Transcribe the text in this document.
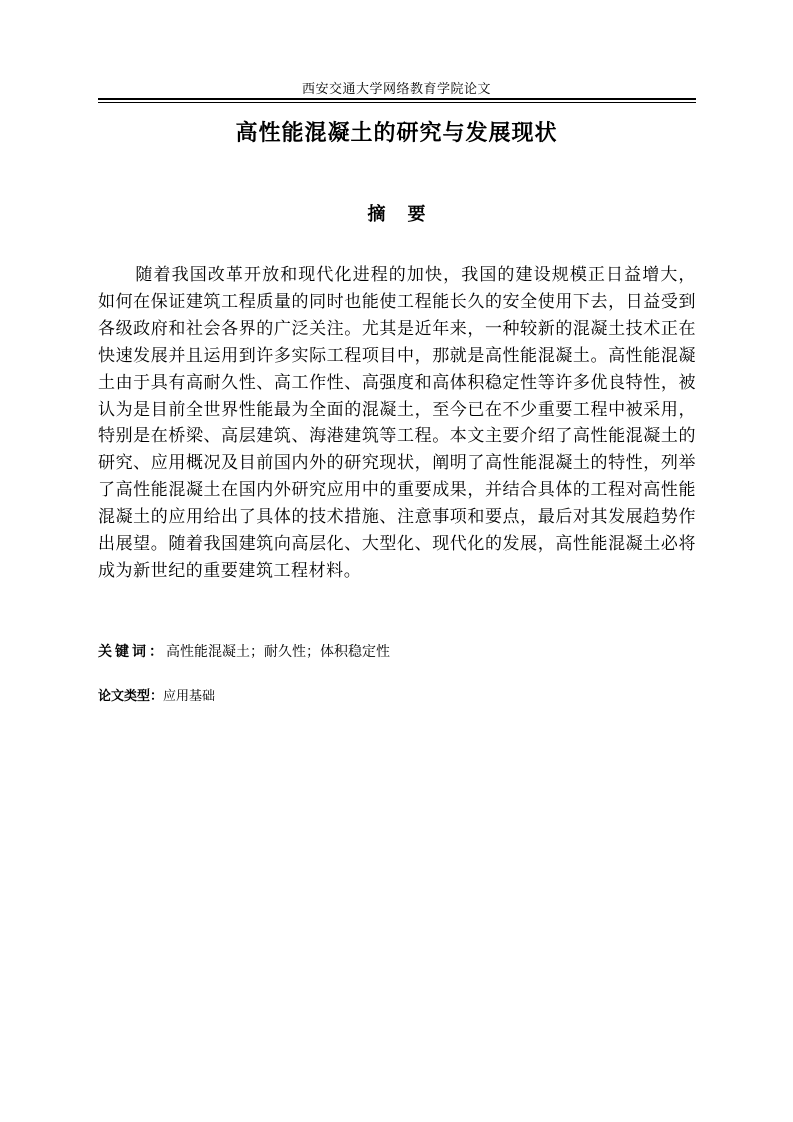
西安交通大学网络教育学院论文
高性能混凝土的研究与发展现状
摘要

随着我国改革开放和现代化进程的加快，我国的建设规模正日益增大，如何在保证建筑工程质量的同时也能使工程能长久的安全使用下去，日益受到各级政府和社会各界的广泛关注。尤其是近年来，一种较新的混凝土技术正在快速发展并且运用到许多实际工程项目中，那就是高性能混凝土。高性能混凝土由于具有高耐久性、高工作性、高强度和高体积稳定性等许多优良特性，被认为是目前全世界性能最为全面的混凝土，至今已在不少重要工程中被采用，特别是在桥梁、高层建筑、海港建筑等工程。本文主要介绍了高性能混凝土的研究、应用概况及目前国内外的研究现状，阐明了高性能混凝土的特性，列举了高性能混凝土在国内外研究应用中的重要成果，并结合具体的工程对高性能混凝土的应用给出了具体的技术措施、注意事项和要点，最后对其发展趋势作出展望。随着我国建筑向高层化、大型化、现代化的发展，高性能混凝土必将成为新世纪的重要建筑工程材料。

关键词：高性能混凝土；耐久性；体积稳定性
论文类型：应用基础
